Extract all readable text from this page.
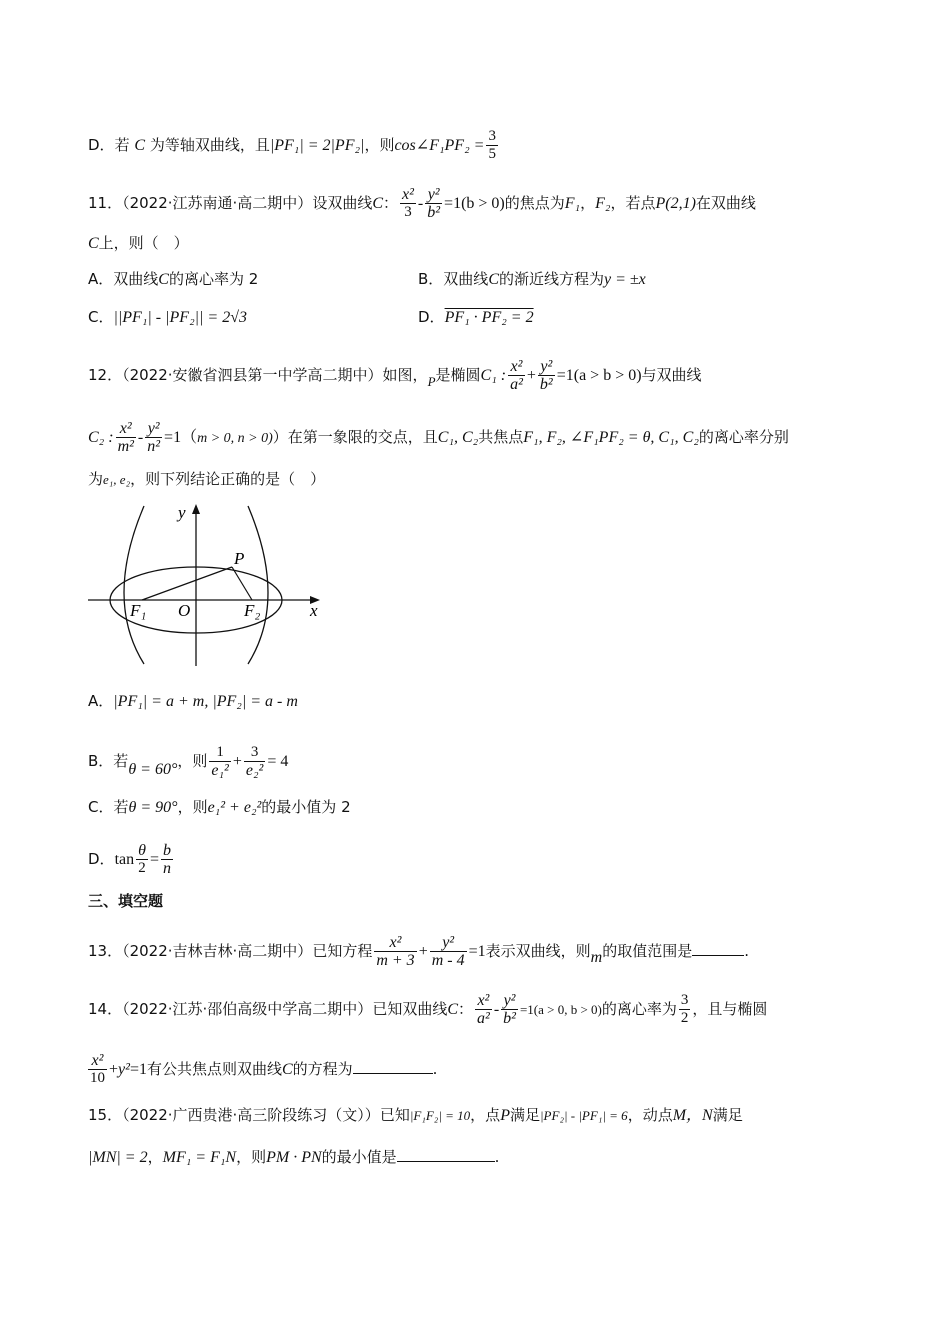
D．若 C 为等轴双曲线，且|PF₁| = 2|PF₂|，则cos∠F₁PF₂ = $\frac{3}{5}$
11．（2022·江苏南通·高二期中）设双曲线C： $\frac{\text{x²}}{3} - \frac{\text{y²}}{\text{b²}} =1(b > 0)$的焦点为F₁，F₂，若点P(2,1)在双曲线
C上，则（　）
A．双曲线C的离心率为 2	B．双曲线C的渐近线方程为y = ±x
C．||PF₁| - |PF₂|| = 2√3	D．PF₁ · PF₂ = 2
12．（2022·安徽省泗县第一中学高二期中）如图，P是椭圆C₁ : $\frac{\text{x²}}{\text{a²}} + \frac{\text{y²}}{\text{b²}} =1(a > b > 0)$与双曲线
C₂ : $\frac{\text{x²}}{\text{m²}} - \frac{\text{y²}}{\text{n²}} =1(m > 0$, n > 0)）在第一象限的交点，且C₁, C₂共焦点F₁, F₂, ∠F₁PF₂ = θ, C₁, C₂的离心率分别
为e₁, e₂，则下列结论正确的是（　）
y
x
P
F₁ O	F₂
A．|PF₁| = a + m, |PF₂| = a - m
B．若θ = 60°，则 $\frac{1}{\text{e₁²}} + \frac{3}{\text{e₂²}} = 4$
C．若θ = 90°，则e₁² + e₂²的最小值为 2
D．$\tan \frac{\theta}{2} = \frac{b}{n}$
三、填空题
13．（2022·吉林吉林·高二期中）已知方程 $\frac{\text{x²}}{m + 3} + \frac{\text{y²}}{m - 4} =1$表示双曲线，则m的取值范围是	.
14．（2022·江苏·邵伯高级中学高二期中）已知双曲线C： $\frac{\text{x²}}{\text{a²}} - \frac{\text{y²}}{\text{b²}} =1(a > 0$, b > 0)的离心率为 $\frac{3}{2}$ ，且与椭圆
$\frac{\text{x²}}{10} +y^2=1$有公共焦点则双曲线C的方程为	.
15．（2022·广西贵港·高三阶段练习（文））已知|F₁F₂| = 10，点P满足|PF₂| - |PF₁| = 6，动点M，N满足
|MN| = 2，MF₁ = F₁N，则PM · PN的最小值是	.
